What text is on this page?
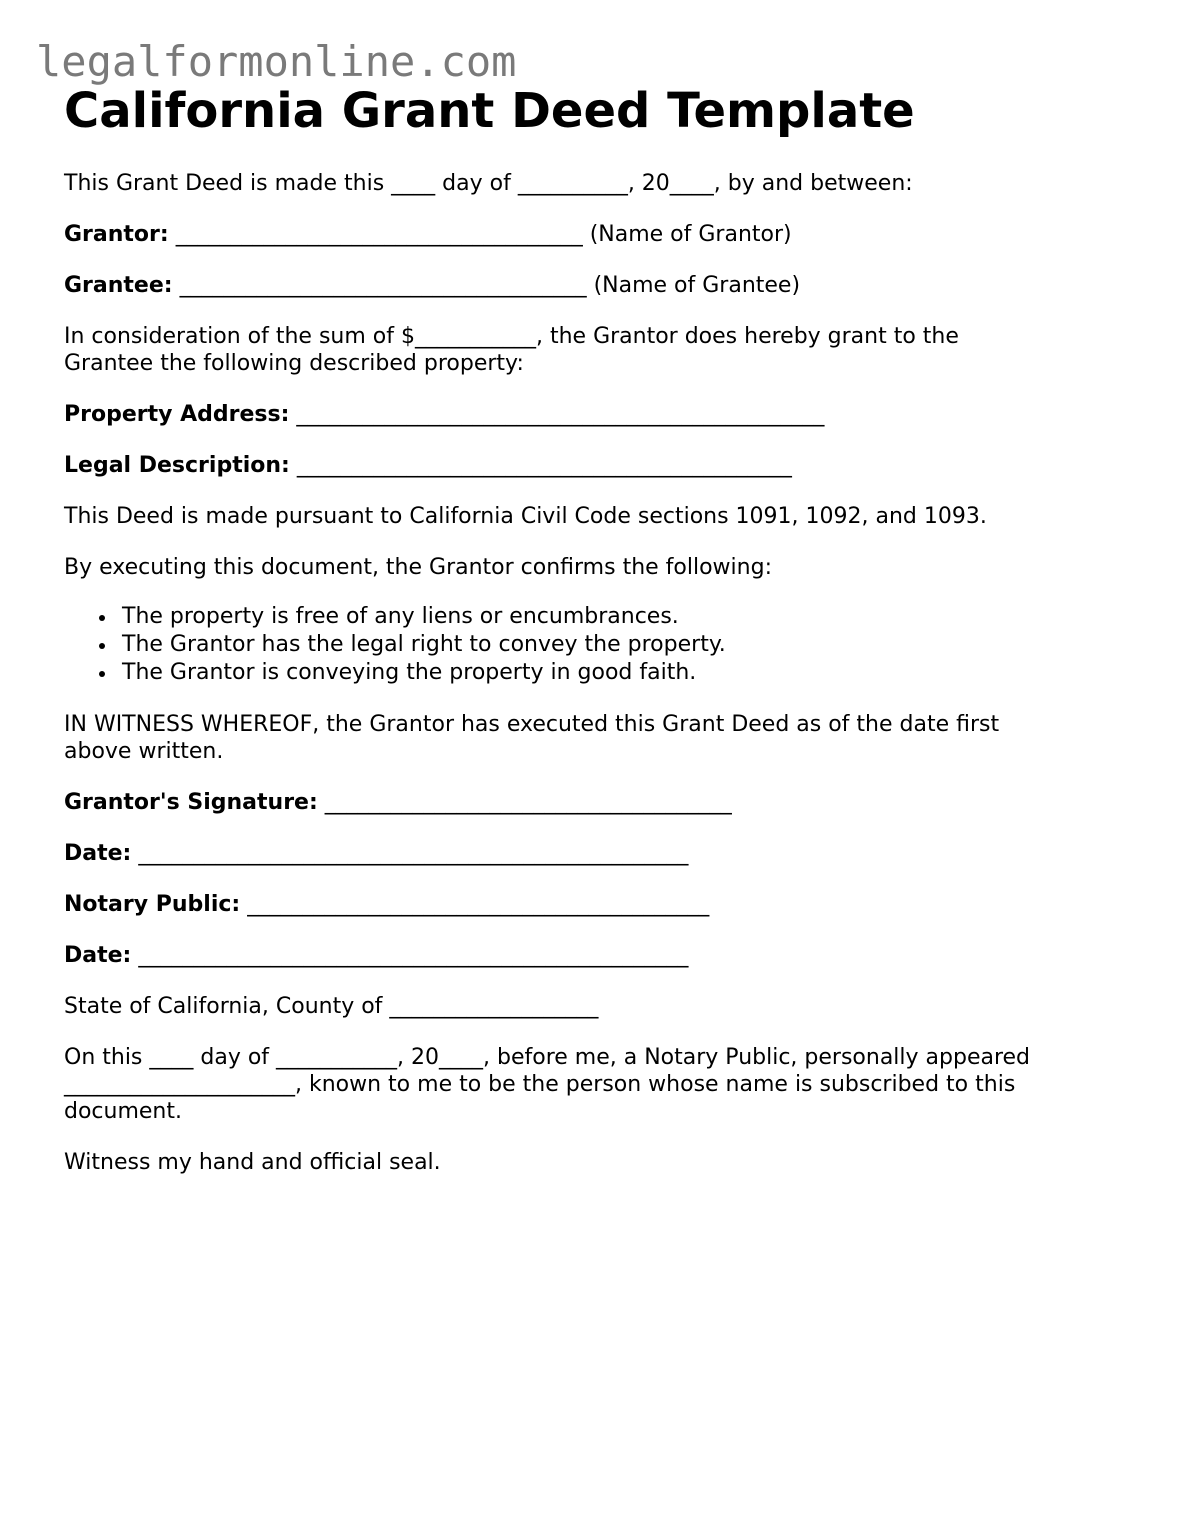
legalformonline.com
California Grant Deed Template

This Grant Deed is made this ____ day of __________, 20____, by and between:

Grantor: _____________________________________ (Name of Grantor)

Grantee: _____________________________________ (Name of Grantee)

In consideration of the sum of $___________, the Grantor does hereby grant to the

Grantee the following described property:

Property Address: ________________________________________________

Legal Description: _____________________________________________

This Deed is made pursuant to California Civil Code sections 1091, 1092, and 1093.

By executing this document, the Grantor confirms the following:

The property is free of any liens or encumbrances.
The Grantor has the legal right to convey the property.
The Grantor is conveying the property in good faith.

IN WITNESS WHEREOF, the Grantor has executed this Grant Deed as of the date first

above written.

Grantor's Signature: _____________________________________

Date: __________________________________________________

Notary Public: __________________________________________

Date: __________________________________________________

State of California, County of ___________________

On this ____ day of ___________, 20____, before me, a Notary Public, personally appeared

_____________________, known to me to be the person whose name is subscribed to this

document.

Witness my hand and official seal.
